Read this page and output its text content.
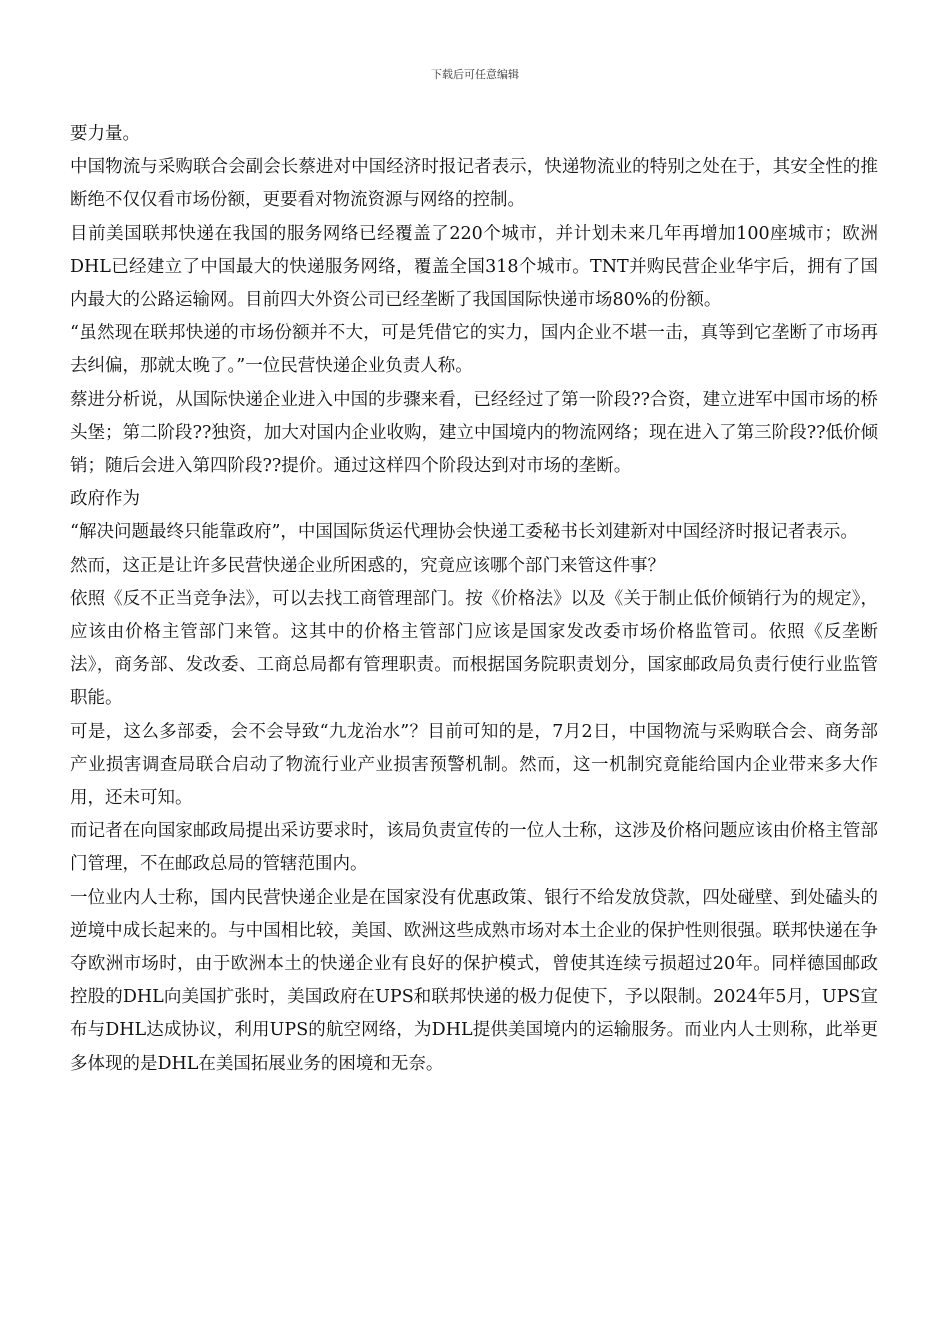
下载后可任意编辑

要力量。

中国物流与采购联合会副会长蔡进对中国经济时报记者表示，快递物流业的特别之处在于，其安全性的推断绝不仅仅看市场份额，更要看对物流资源与网络的控制。

目前美国联邦快递在我国的服务网络已经覆盖了220个城市，并计划未来几年再增加100座城市；欧洲DHL已经建立了中国最大的快递服务网络，覆盖全国318个城市。TNT并购民营企业华宇后，拥有了国内最大的公路运输网。目前四大外资公司已经垄断了我国国际快递市场80%的份额。

“虽然现在联邦快递的市场份额并不大，可是凭借它的实力，国内企业不堪一击，真等到它垄断了市场再去纠偏，那就太晚了。”一位民营快递企业负责人称。

蔡进分析说，从国际快递企业进入中国的步骤来看，已经经过了第一阶段??合资，建立进军中国市场的桥头堡；第二阶段??独资，加大对国内企业收购，建立中国境内的物流网络；现在进入了第三阶段??低价倾销；随后会进入第四阶段??提价。通过这样四个阶段达到对市场的垄断。

政府作为

“解决问题最终只能靠政府”，中国国际货运代理协会快递工委秘书长刘建新对中国经济时报记者表示。

然而，这正是让许多民营快递企业所困惑的，究竟应该哪个部门来管这件事？

依照《反不正当竞争法》，可以去找工商管理部门。按《价格法》以及《关于制止低价倾销行为的规定》，应该由价格主管部门来管。这其中的价格主管部门应该是国家发改委市场价格监管司。依照《反垄断法》，商务部、发改委、工商总局都有管理职责。而根据国务院职责划分，国家邮政局负责行使行业监管职能。

可是，这么多部委，会不会导致“九龙治水”？目前可知的是，7月2日，中国物流与采购联合会、商务部产业损害调查局联合启动了物流行业产业损害预警机制。然而，这一机制究竟能给国内企业带来多大作用，还未可知。

而记者在向国家邮政局提出采访要求时，该局负责宣传的一位人士称，这涉及价格问题应该由价格主管部门管理，不在邮政总局的管辖范围内。

一位业内人士称，国内民营快递企业是在国家没有优惠政策、银行不给发放贷款，四处碰壁、到处磕头的逆境中成长起来的。与中国相比较，美国、欧洲这些成熟市场对本土企业的保护性则很强。联邦快递在争夺欧洲市场时，由于欧洲本土的快递企业有良好的保护模式，曾使其连续亏损超过20年。同样德国邮政控股的DHL向美国扩张时，美国政府在UPS和联邦快递的极力促使下，予以限制。2024年5月，UPS宣布与DHL达成协议，利用UPS的航空网络，为DHL提供美国境内的运输服务。而业内人士则称，此举更多体现的是DHL在美国拓展业务的困境和无奈。
